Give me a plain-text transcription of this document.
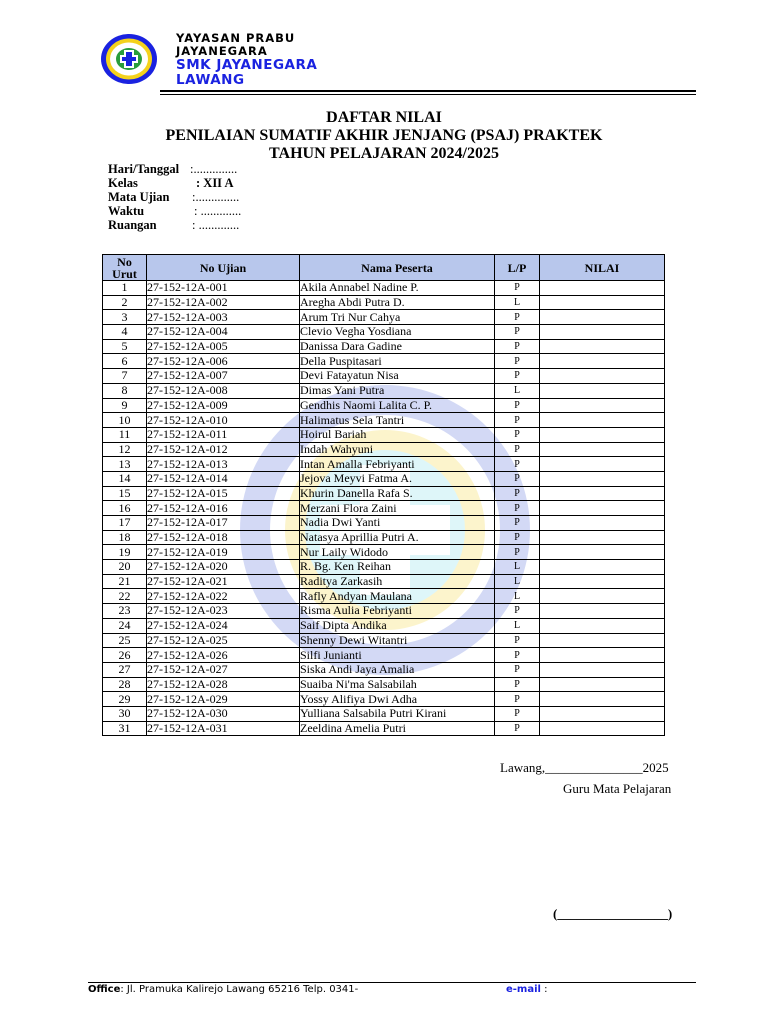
YAYASAN PRABU
JAYANEGARA
SMK JAYANEGARA
LAWANG
DAFTAR NILAI
PENILAIAN SUMATIF AKHIR JENJANG (PSAJ) PRAKTEK
TAHUN PELAJARAN 2024/2025
Hari/Tanggal :..............
Kelas	: XII A
Mata Ujian :..............
Waktu	: .............
Ruangan	: .............
No
Urut	No Ujian	Nama Peserta	L/P	NILAI
1	27-152-12A-001	Akila Annabel Nadine P.	P	
2	27-152-12A-002	Aregha Abdi Putra D.	L	
3	27-152-12A-003	Arum Tri Nur Cahya	P	
4	27-152-12A-004	Clevio Vegha Yosdiana	P	
5	27-152-12A-005	Danissa Dara Gadine	P	
6	27-152-12A-006	Della Puspitasari	P	
7	27-152-12A-007	Devi Fatayatun Nisa	P	
8	27-152-12A-008	Dimas Yani Putra	L	
9	27-152-12A-009	Gendhis Naomi Lalita C. P.	P	
10	27-152-12A-010	Halimatus Sela Tantri	P	
11	27-152-12A-011	Hoirul Bariah	P	
12	27-152-12A-012	Indah Wahyuni	P	
13	27-152-12A-013	Intan Amalla Febriyanti	P	
14	27-152-12A-014	Jejova Meyvi Fatma A.	P	
15	27-152-12A-015	Khurin Danella Rafa S.	P	
16	27-152-12A-016	Merzani Flora Zaini	P	
17	27-152-12A-017	Nadia Dwi Yanti	P	
18	27-152-12A-018	Natasya Aprillia Putri A.	P	
19	27-152-12A-019	Nur Laily Widodo	P	
20	27-152-12A-020	R. Bg. Ken Reihan	L	
21	27-152-12A-021	Raditya Zarkasih	L	
22	27-152-12A-022	Rafly Andyan Maulana	L	
23	27-152-12A-023	Risma Aulia Febriyanti	P	
24	27-152-12A-024	Saif Dipta Andika	L	
25	27-152-12A-025	Shenny Dewi Witantri	P	
26	27-152-12A-026	Silfi Junianti	P	
27	27-152-12A-027	Siska Andi Jaya Amalia	P	
28	27-152-12A-028	Suaiba Ni'ma Salsabilah	P	
29	27-152-12A-029	Yossy Alifiya Dwi Adha	P	
30	27-152-12A-030	Yulliana Salsabila Putri Kirani	P	
31	27-152-12A-031	Zeeldina Amelia Putri	P	
Lawang,_______________2025
Guru Mata Pelajaran
(_________________)
Office: Jl. Pramuka Kalirejo Lawang 65216 Telp. 0341-	e-mail :
